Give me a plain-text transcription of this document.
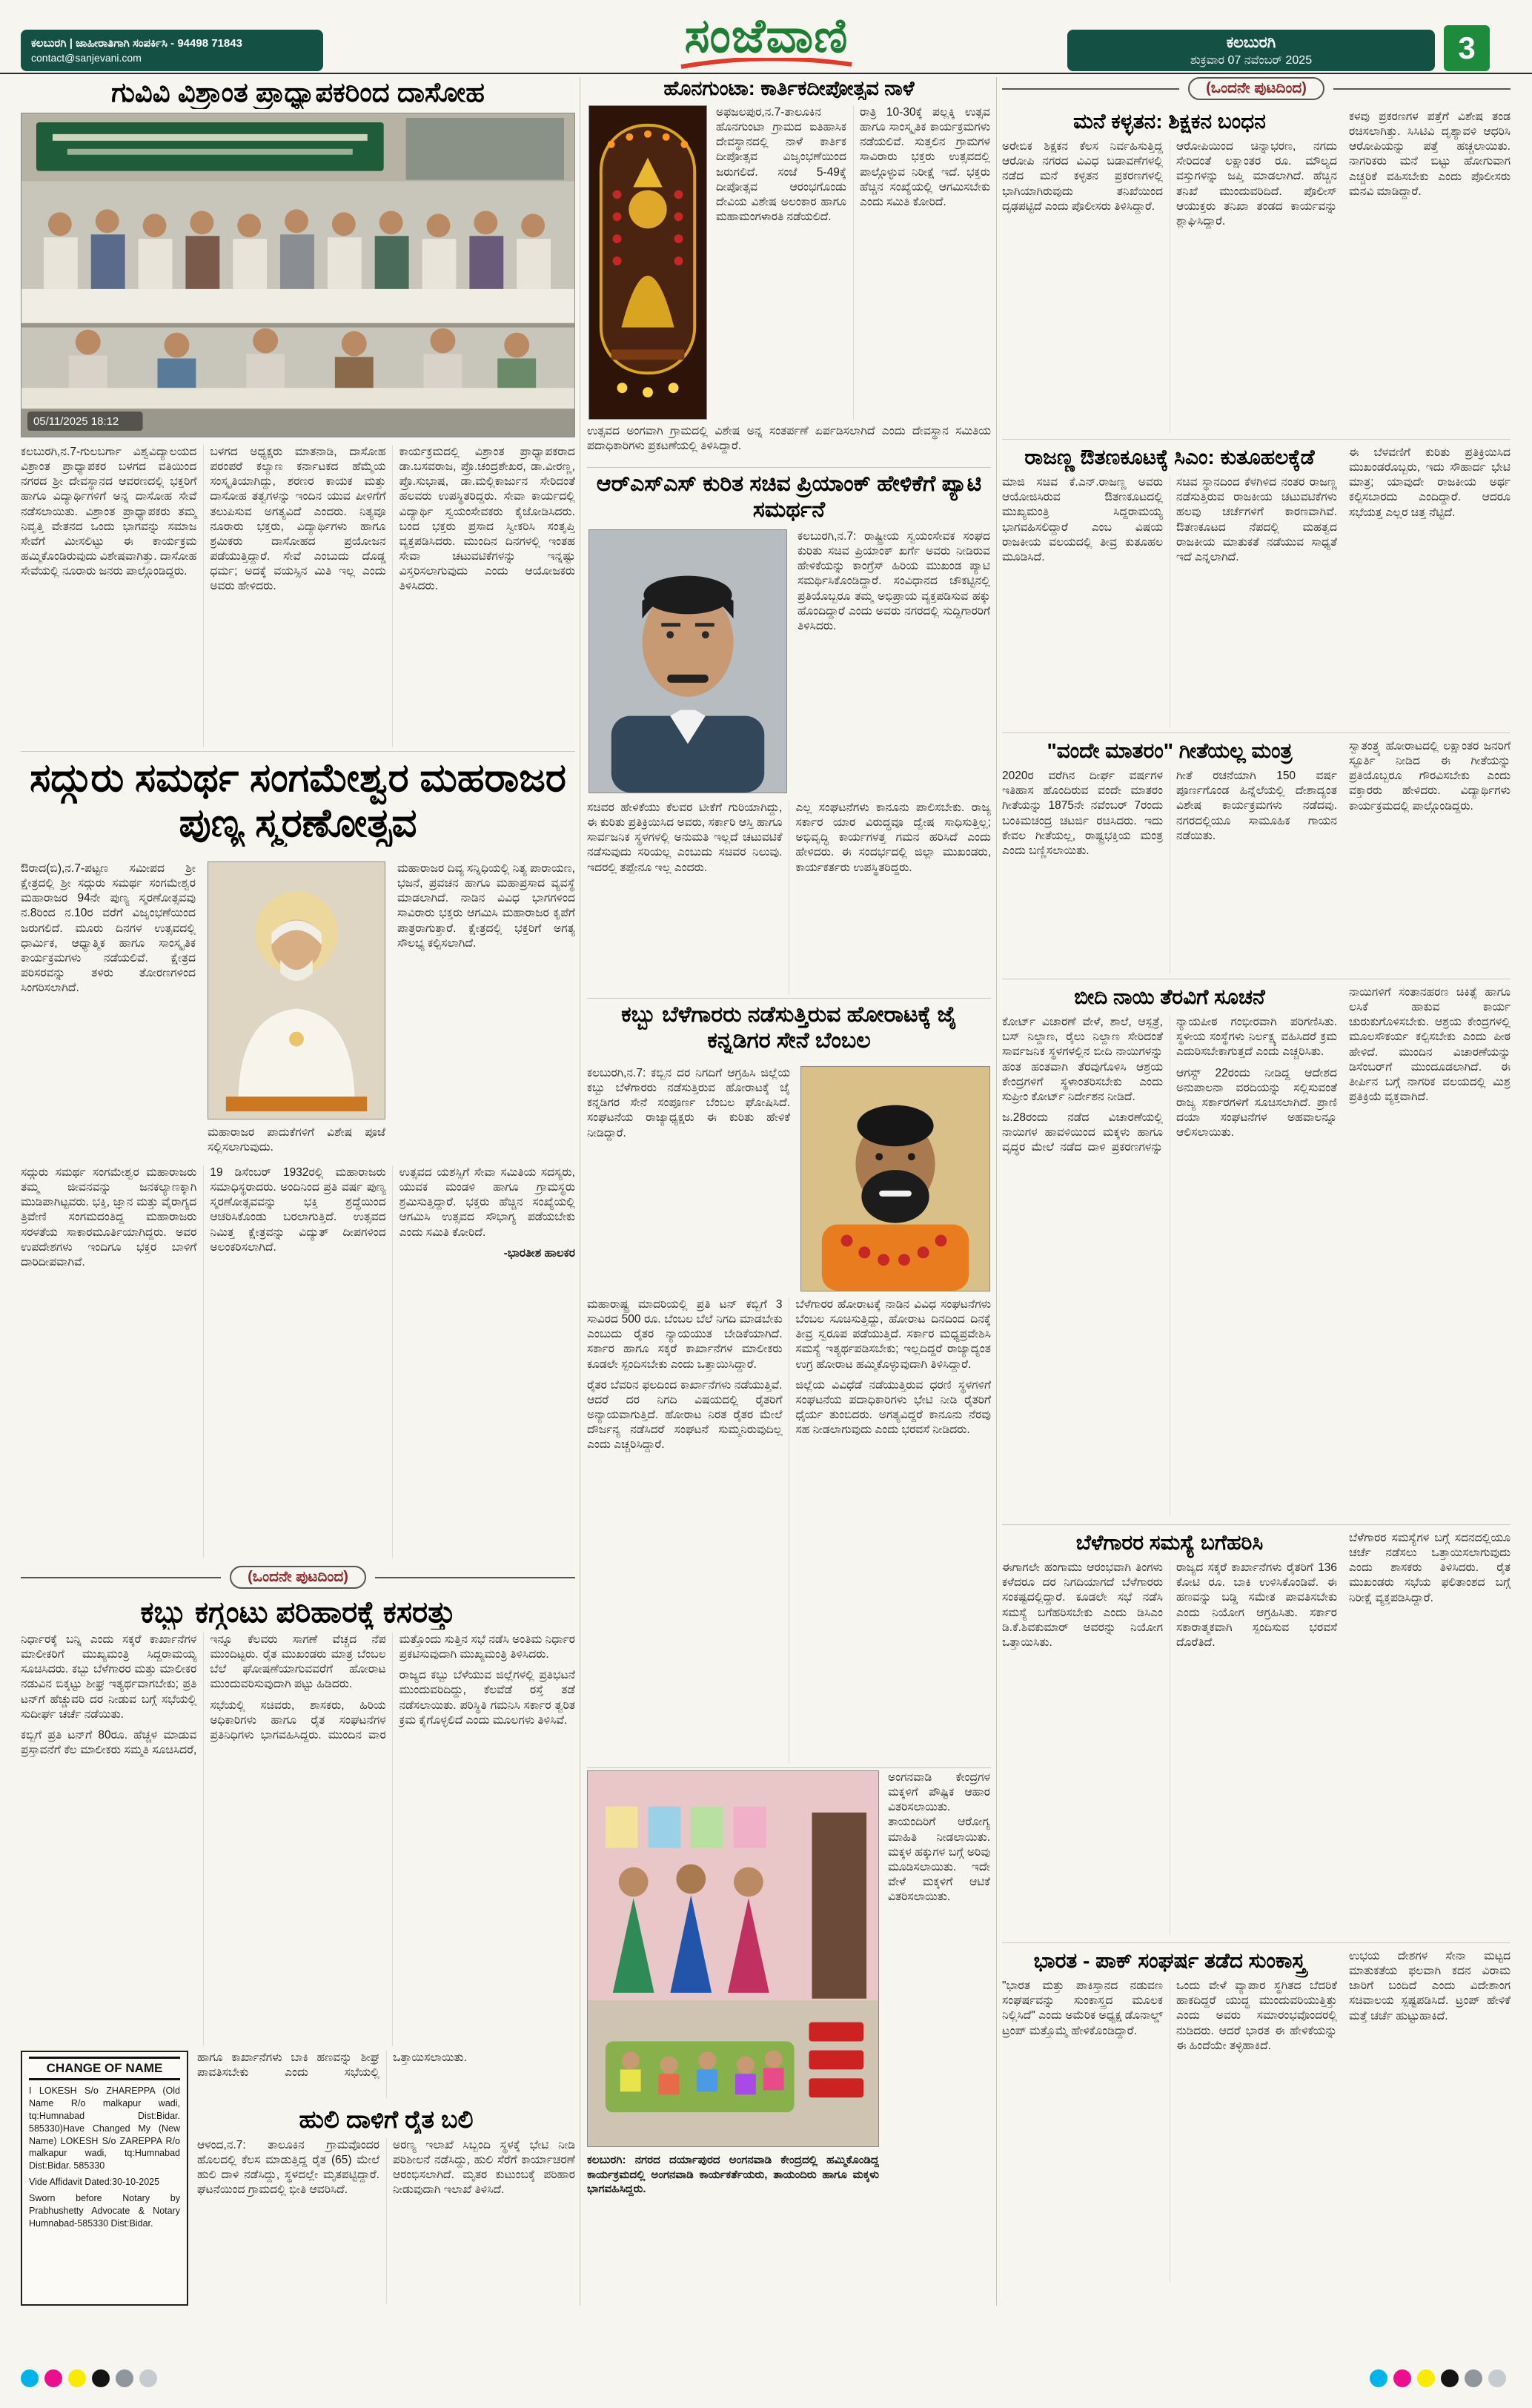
ಕಲಬುರಗಿ | ಜಾಹೀರಾತಿಗಾಗಿ ಸಂಪರ್ಕಿಸಿ - 94498 71843
contact@sanjevani.com	ಸಂಜೆವಾಣಿ	ಕಲಬುರಗಿ
ಶುಕ್ರವಾರ 07 ನವೆಂಬರ್ 2025	3
ಗುವಿವಿ ವಿಶ್ರಾಂತ ಪ್ರಾಧ್ಯಾಪಕರಿಂದ ದಾಸೋಹ
05/11/2025 18:12

ಕಲಬುರಗಿ,ನ.7-ಗುಲಬರ್ಗಾ ವಿಶ್ವವಿದ್ಯಾಲಯದ ವಿಶ್ರಾಂತ ಪ್ರಾಧ್ಯಾಪಕರ ಬಳಗದ ವತಿಯಿಂದ ನಗರದ ಶ್ರೀ ದೇವಸ್ಥಾನದ ಆವರಣದಲ್ಲಿ ಭಕ್ತರಿಗೆ ಹಾಗೂ ವಿದ್ಯಾರ್ಥಿಗಳಿಗೆ ಅನ್ನ ದಾಸೋಹ ಸೇವೆ ನಡೆಸಲಾಯಿತು. ವಿಶ್ರಾಂತ ಪ್ರಾಧ್ಯಾಪಕರು ತಮ್ಮ ನಿವೃತ್ತಿ ವೇತನದ ಒಂದು ಭಾಗವನ್ನು ಸಮಾಜ ಸೇವೆಗೆ ಮೀಸಲಿಟ್ಟು ಈ ಕಾರ್ಯಕ್ರಮ ಹಮ್ಮಿಕೊಂಡಿರುವುದು ವಿಶೇಷವಾಗಿತ್ತು. ದಾಸೋಹ ಸೇವೆಯಲ್ಲಿ ನೂರಾರು ಜನರು ಪಾಲ್ಗೊಂಡಿದ್ದರು.

ಬಳಗದ ಅಧ್ಯಕ್ಷರು ಮಾತನಾಡಿ, ದಾಸೋಹ ಪರಂಪರೆ ಕಲ್ಯಾಣ ಕರ್ನಾಟಕದ ಹೆಮ್ಮೆಯ ಸಂಸ್ಕೃತಿಯಾಗಿದ್ದು, ಶರಣರ ಕಾಯಕ ಮತ್ತು ದಾಸೋಹ ತತ್ವಗಳನ್ನು ಇಂದಿನ ಯುವ ಪೀಳಿಗೆಗೆ ತಲುಪಿಸುವ ಅಗತ್ಯವಿದೆ ಎಂದರು. ನಿತ್ಯವೂ ನೂರಾರು ಭಕ್ತರು, ವಿದ್ಯಾರ್ಥಿಗಳು ಹಾಗೂ ಶ್ರಮಿಕರು ದಾಸೋಹದ ಪ್ರಯೋಜನ ಪಡೆಯುತ್ತಿದ್ದಾರೆ. ಸೇವೆ ಎಂಬುದು ದೊಡ್ಡ ಧರ್ಮ; ಅದಕ್ಕೆ ವಯಸ್ಸಿನ ಮಿತಿ ಇಲ್ಲ ಎಂದು ಅವರು ಹೇಳಿದರು.

ಕಾರ್ಯಕ್ರಮದಲ್ಲಿ ವಿಶ್ರಾಂತ ಪ್ರಾಧ್ಯಾಪಕರಾದ ಡಾ.ಬಸವರಾಜ, ಪ್ರೊ.ಚಂದ್ರಶೇಖರ, ಡಾ.ವೀರಣ್ಣ, ಪ್ರೊ.ಸುಭಾಷ, ಡಾ.ಮಲ್ಲಿಕಾರ್ಜುನ ಸೇರಿದಂತೆ ಹಲವರು ಉಪಸ್ಥಿತರಿದ್ದರು. ಸೇವಾ ಕಾರ್ಯದಲ್ಲಿ ವಿದ್ಯಾರ್ಥಿ ಸ್ವಯಂಸೇವಕರು ಕೈಜೋಡಿಸಿದರು. ಬಂದ ಭಕ್ತರು ಪ್ರಸಾದ ಸ್ವೀಕರಿಸಿ ಸಂತೃಪ್ತಿ ವ್ಯಕ್ತಪಡಿಸಿದರು. ಮುಂದಿನ ದಿನಗಳಲ್ಲಿ ಇಂತಹ ಸೇವಾ ಚಟುವಟಿಕೆಗಳನ್ನು ಇನ್ನಷ್ಟು ವಿಸ್ತರಿಸಲಾಗುವುದು ಎಂದು ಆಯೋಜಕರು ತಿಳಿಸಿದರು.

ಸದ್ಗುರು ಸಮರ್ಥ ಸಂಗಮೇಶ್ವರ ಮಹರಾಜರ ಪುಣ್ಯ ಸ್ಮರಣೋತ್ಸವ

ಔರಾದ(ಬಿ),ನ.7-ಪಟ್ಟಣ ಸಮೀಪದ ಶ್ರೀ ಕ್ಷೇತ್ರದಲ್ಲಿ ಶ್ರೀ ಸದ್ಗುರು ಸಮರ್ಥ ಸಂಗಮೇಶ್ವರ ಮಹಾರಾಜರ 94ನೇ ಪುಣ್ಯ ಸ್ಮರಣೋತ್ಸವವು ನ.8ರಿಂದ ನ.10ರ ವರೆಗೆ ವಿಜೃಂಭಣೆಯಿಂದ ಜರುಗಲಿದೆ. ಮೂರು ದಿನಗಳ ಉತ್ಸವದಲ್ಲಿ ಧಾರ್ಮಿಕ, ಆಧ್ಯಾತ್ಮಿಕ ಹಾಗೂ ಸಾಂಸ್ಕೃತಿಕ ಕಾರ್ಯಕ್ರಮಗಳು ನಡೆಯಲಿವೆ. ಕ್ಷೇತ್ರದ ಪರಿಸರವನ್ನು ತಳಿರು ತೋರಣಗಳಿಂದ ಸಿಂಗರಿಸಲಾಗಿದೆ.

ಮಹಾರಾಜರ ಪಾದುಕೆಗಳಿಗೆ ವಿಶೇಷ ಪೂಜೆ ಸಲ್ಲಿಸಲಾಗುವುದು.

ಮಹಾರಾಜರ ದಿವ್ಯ ಸನ್ನಿಧಿಯಲ್ಲಿ ನಿತ್ಯ ಪಾರಾಯಣ, ಭಜನೆ, ಪ್ರವಚನ ಹಾಗೂ ಮಹಾಪ್ರಸಾದ ವ್ಯವಸ್ಥೆ ಮಾಡಲಾಗಿದೆ. ನಾಡಿನ ವಿವಿಧ ಭಾಗಗಳಿಂದ ಸಾವಿರಾರು ಭಕ್ತರು ಆಗಮಿಸಿ ಮಹಾರಾಜರ ಕೃಪೆಗೆ ಪಾತ್ರರಾಗುತ್ತಾರೆ. ಕ್ಷೇತ್ರದಲ್ಲಿ ಭಕ್ತರಿಗೆ ಅಗತ್ಯ ಸೌಲಭ್ಯ ಕಲ್ಪಿಸಲಾಗಿದೆ.

ಸದ್ಗುರು ಸಮರ್ಥ ಸಂಗಮೇಶ್ವರ ಮಹಾರಾಜರು ತಮ್ಮ ಜೀವನವನ್ನು ಜನಕಲ್ಯಾಣಕ್ಕಾಗಿ ಮುಡಿಪಾಗಿಟ್ಟವರು. ಭಕ್ತಿ, ಜ್ಞಾನ ಮತ್ತು ವೈರಾಗ್ಯದ ತ್ರಿವೇಣಿ ಸಂಗಮದಂತಿದ್ದ ಮಹಾರಾಜರು ಸರಳತೆಯ ಸಾಕಾರಮೂರ್ತಿಯಾಗಿದ್ದರು. ಅವರ ಉಪದೇಶಗಳು ಇಂದಿಗೂ ಭಕ್ತರ ಬಾಳಿಗೆ ದಾರಿದೀಪವಾಗಿವೆ.

19 ಡಿಸೆಂಬರ್ 1932ರಲ್ಲಿ ಮಹಾರಾಜರು ಸಮಾಧಿಸ್ಥರಾದರು. ಅಂದಿನಿಂದ ಪ್ರತಿ ವರ್ಷ ಪುಣ್ಯ ಸ್ಮರಣೋತ್ಸವವನ್ನು ಭಕ್ತಿ ಶ್ರದ್ಧೆಯಿಂದ ಆಚರಿಸಿಕೊಂಡು ಬರಲಾಗುತ್ತಿದೆ. ಉತ್ಸವದ ನಿಮಿತ್ತ ಕ್ಷೇತ್ರವನ್ನು ವಿದ್ಯುತ್ ದೀಪಗಳಿಂದ ಅಲಂಕರಿಸಲಾಗಿದೆ.

ಉತ್ಸವದ ಯಶಸ್ಸಿಗೆ ಸೇವಾ ಸಮಿತಿಯ ಸದಸ್ಯರು, ಯುವಕ ಮಂಡಳಿ ಹಾಗೂ ಗ್ರಾಮಸ್ಥರು ಶ್ರಮಿಸುತ್ತಿದ್ದಾರೆ. ಭಕ್ತರು ಹೆಚ್ಚಿನ ಸಂಖ್ಯೆಯಲ್ಲಿ ಆಗಮಿಸಿ ಉತ್ಸವದ ಸೌಭಾಗ್ಯ ಪಡೆಯಬೇಕು ಎಂದು ಸಮಿತಿ ಕೋರಿದೆ.

-ಭಾರತೀಶ ಹಾಲಕರ

(ಒಂದನೇ ಪುಟದಿಂದ)
ಕಬ್ಬು ಕಗ್ಗಂಟು ಪರಿಹಾರಕ್ಕೆ ಕಸರತ್ತು

ನಿರ್ಧಾರಕ್ಕೆ ಬನ್ನಿ ಎಂದು ಸಕ್ಕರೆ ಕಾರ್ಖಾನೆಗಳ ಮಾಲೀಕರಿಗೆ ಮುಖ್ಯಮಂತ್ರಿ ಸಿದ್ದರಾಮಯ್ಯ ಸೂಚಿಸಿದರು. ಕಬ್ಬು ಬೆಳೆಗಾರರ ಮತ್ತು ಮಾಲೀಕರ ನಡುವಿನ ಬಿಕ್ಕಟ್ಟು ಶೀಘ್ರ ಇತ್ಯರ್ಥವಾಗಬೇಕು; ಪ್ರತಿ ಟನ್‌ಗೆ ಹೆಚ್ಚುವರಿ ದರ ನೀಡುವ ಬಗ್ಗೆ ಸಭೆಯಲ್ಲಿ ಸುದೀರ್ಘ ಚರ್ಚೆ ನಡೆಯಿತು.

ಕಬ್ಬಿಗೆ ಪ್ರತಿ ಟನ್‌ಗೆ 80ರೂ. ಹೆಚ್ಚಳ ಮಾಡುವ ಪ್ರಸ್ತಾವನೆಗೆ ಕೆಲ ಮಾಲೀಕರು ಸಮ್ಮತಿ ಸೂಚಿಸಿದರೆ, ಇನ್ನೂ ಕೆಲವರು ಸಾಗಣೆ ವೆಚ್ಚದ ನೆಪ ಮುಂದಿಟ್ಟರು. ರೈತ ಮುಖಂಡರು ಮಾತ್ರ ಬೆಂಬಲ ಬೆಲೆ ಘೋಷಣೆಯಾಗುವವರೆಗೆ ಹೋರಾಟ ಮುಂದುವರಿಸುವುದಾಗಿ ಪಟ್ಟು ಹಿಡಿದರು.

ಸಭೆಯಲ್ಲಿ ಸಚಿವರು, ಶಾಸಕರು, ಹಿರಿಯ ಅಧಿಕಾರಿಗಳು ಹಾಗೂ ರೈತ ಸಂಘಟನೆಗಳ ಪ್ರತಿನಿಧಿಗಳು ಭಾಗವಹಿಸಿದ್ದರು. ಮುಂದಿನ ವಾರ ಮತ್ತೊಂದು ಸುತ್ತಿನ ಸಭೆ ನಡೆಸಿ ಅಂತಿಮ ನಿರ್ಧಾರ ಪ್ರಕಟಿಸುವುದಾಗಿ ಮುಖ್ಯಮಂತ್ರಿ ತಿಳಿಸಿದರು.

ರಾಜ್ಯದ ಕಬ್ಬು ಬೆಳೆಯುವ ಜಿಲ್ಲೆಗಳಲ್ಲಿ ಪ್ರತಿಭಟನೆ ಮುಂದುವರಿದಿದ್ದು, ಕೆಲವೆಡೆ ರಸ್ತೆ ತಡೆ ನಡೆಸಲಾಯಿತು. ಪರಿಸ್ಥಿತಿ ಗಮನಿಸಿ ಸರ್ಕಾರ ತ್ವರಿತ ಕ್ರಮ ಕೈಗೊಳ್ಳಲಿದೆ ಎಂದು ಮೂಲಗಳು ತಿಳಿಸಿವೆ.

ಹಾಗೂ ಕಾರ್ಖಾನೆಗಳು ಬಾಕಿ ಹಣವನ್ನು ಶೀಘ್ರ ಪಾವತಿಸಬೇಕು ಎಂದು ಸಭೆಯಲ್ಲಿ ಒತ್ತಾಯಿಸಲಾಯಿತು.

CHANGE OF NAME

I LOKESH S/o ZHAREPPA (Old Name R/o malkapur wadi, tq:Humnabad Dist:Bidar. 585330)Have Changed My (New Name) LOKESH S/o ZAREPPA R/o malkapur wadi, tq:Humnabad Dist:Bidar. 585330

Vide Affidavit Dated:30-10-2025

Sworn before Notary by Prabhushetty Advocate & Notary Humnabad-585330 Dist:Bidar.

ಹುಲಿ ದಾಳಿಗೆ ರೈತ ಬಲಿ

ಆಳಂದ,ನ.7: ತಾಲೂಕಿನ ಗ್ರಾಮವೊಂದರ ಹೊಲದಲ್ಲಿ ಕೆಲಸ ಮಾಡುತ್ತಿದ್ದ ರೈತ (65) ಮೇಲೆ ಹುಲಿ ದಾಳಿ ನಡೆಸಿದ್ದು, ಸ್ಥಳದಲ್ಲೇ ಮೃತಪಟ್ಟಿದ್ದಾರೆ. ಘಟನೆಯಿಂದ ಗ್ರಾಮದಲ್ಲಿ ಭೀತಿ ಆವರಿಸಿದೆ.

ಅರಣ್ಯ ಇಲಾಖೆ ಸಿಬ್ಬಂದಿ ಸ್ಥಳಕ್ಕೆ ಭೇಟಿ ನೀಡಿ ಪರಿಶೀಲನೆ ನಡೆಸಿದ್ದು, ಹುಲಿ ಸೆರೆಗೆ ಕಾರ್ಯಾಚರಣೆ ಆರಂಭಿಸಲಾಗಿದೆ. ಮೃತರ ಕುಟುಂಬಕ್ಕೆ ಪರಿಹಾರ ನೀಡುವುದಾಗಿ ಇಲಾಖೆ ತಿಳಿಸಿದೆ.

ಹೊನಗುಂಟಾ: ಕಾರ್ತಿಕದೀಪೋತ್ಸವ ನಾಳೆ

ಅಫಜಲಪುರ,ನ.7-ತಾಲೂಕಿನ ಹೊನಗುಂಟಾ ಗ್ರಾಮದ ಐತಿಹಾಸಿಕ ದೇವಸ್ಥಾನದಲ್ಲಿ ನಾಳೆ ಕಾರ್ತಿಕ ದೀಪೋತ್ಸವ ವಿಜೃಂಭಣೆಯಿಂದ ಜರುಗಲಿದೆ. ಸಂಜೆ 5-49ಕ್ಕೆ ದೀಪೋತ್ಸವ ಆರಂಭಗೊಂಡು ದೇವಿಯ ವಿಶೇಷ ಅಲಂಕಾರ ಹಾಗೂ ಮಹಾಮಂಗಳಾರತಿ ನಡೆಯಲಿದೆ.

ರಾತ್ರಿ 10-30ಕ್ಕೆ ಪಲ್ಲಕ್ಕಿ ಉತ್ಸವ ಹಾಗೂ ಸಾಂಸ್ಕೃತಿಕ ಕಾರ್ಯಕ್ರಮಗಳು ನಡೆಯಲಿವೆ. ಸುತ್ತಲಿನ ಗ್ರಾಮಗಳ ಸಾವಿರಾರು ಭಕ್ತರು ಉತ್ಸವದಲ್ಲಿ ಪಾಲ್ಗೊಳ್ಳುವ ನಿರೀಕ್ಷೆ ಇದೆ. ಭಕ್ತರು ಹೆಚ್ಚಿನ ಸಂಖ್ಯೆಯಲ್ಲಿ ಆಗಮಿಸಬೇಕು ಎಂದು ಸಮಿತಿ ಕೋರಿದೆ.

ಉತ್ಸವದ ಅಂಗವಾಗಿ ಗ್ರಾಮದಲ್ಲಿ ವಿಶೇಷ ಅನ್ನ ಸಂತರ್ಪಣೆ ಏರ್ಪಡಿಸಲಾಗಿದೆ ಎಂದು ದೇವಸ್ಥಾನ ಸಮಿತಿಯ ಪದಾಧಿಕಾರಿಗಳು ಪ್ರಕಟಣೆಯಲ್ಲಿ ತಿಳಿಸಿದ್ದಾರೆ.

ಆರ್‌ಎಸ್‌ಎಸ್ ಕುರಿತ ಸಚಿವ ಪ್ರಿಯಾಂಕ್ ಹೇಳಿಕೆಗೆ ಪ್ಯಾಟಿ ಸಮರ್ಥನೆ

ಕಲಬುರಗಿ,ನ.7: ರಾಷ್ಟ್ರೀಯ ಸ್ವಯಂಸೇವಕ ಸಂಘದ ಕುರಿತು ಸಚಿವ ಪ್ರಿಯಾಂಕ್ ಖರ್ಗೆ ಅವರು ನೀಡಿರುವ ಹೇಳಿಕೆಯನ್ನು ಕಾಂಗ್ರೆಸ್ ಹಿರಿಯ ಮುಖಂಡ ಪ್ಯಾಟಿ ಸಮರ್ಥಿಸಿಕೊಂಡಿದ್ದಾರೆ. ಸಂವಿಧಾನದ ಚೌಕಟ್ಟಿನಲ್ಲಿ ಪ್ರತಿಯೊಬ್ಬರೂ ತಮ್ಮ ಅಭಿಪ್ರಾಯ ವ್ಯಕ್ತಪಡಿಸುವ ಹಕ್ಕು ಹೊಂದಿದ್ದಾರೆ ಎಂದು ಅವರು ನಗರದಲ್ಲಿ ಸುದ್ದಿಗಾರರಿಗೆ ತಿಳಿಸಿದರು.

ಸಚಿವರ ಹೇಳಿಕೆಯು ಕೆಲವರ ಟೀಕೆಗೆ ಗುರಿಯಾಗಿದ್ದು, ಈ ಕುರಿತು ಪ್ರತಿಕ್ರಿಯಿಸಿದ ಅವರು, ಸರ್ಕಾರಿ ಆಸ್ತಿ ಹಾಗೂ ಸಾರ್ವಜನಿಕ ಸ್ಥಳಗಳಲ್ಲಿ ಅನುಮತಿ ಇಲ್ಲದೆ ಚಟುವಟಿಕೆ ನಡೆಸುವುದು ಸರಿಯಲ್ಲ ಎಂಬುದು ಸಚಿವರ ನಿಲುವು. ಇದರಲ್ಲಿ ತಪ್ಪೇನೂ ಇಲ್ಲ ಎಂದರು.

ಎಲ್ಲ ಸಂಘಟನೆಗಳು ಕಾನೂನು ಪಾಲಿಸಬೇಕು. ರಾಜ್ಯ ಸರ್ಕಾರ ಯಾರ ವಿರುದ್ಧವೂ ದ್ವೇಷ ಸಾಧಿಸುತ್ತಿಲ್ಲ; ಅಭಿವೃದ್ಧಿ ಕಾರ್ಯಗಳತ್ತ ಗಮನ ಹರಿಸಿದೆ ಎಂದು ಹೇಳಿದರು. ಈ ಸಂದರ್ಭದಲ್ಲಿ ಜಿಲ್ಲಾ ಮುಖಂಡರು, ಕಾರ್ಯಕರ್ತರು ಉಪಸ್ಥಿತರಿದ್ದರು.

ಕಬ್ಬು ಬೆಳೆಗಾರರು ನಡೆಸುತ್ತಿರುವ ಹೋರಾಟಕ್ಕೆ ಜೈ ಕನ್ನಡಿಗರ ಸೇನೆ ಬೆಂಬಲ

ಕಲಬುರಗಿ,ನ.7: ಕಬ್ಬಿನ ದರ ನಿಗದಿಗೆ ಆಗ್ರಹಿಸಿ ಜಿಲ್ಲೆಯ ಕಬ್ಬು ಬೆಳೆಗಾರರು ನಡೆಸುತ್ತಿರುವ ಹೋರಾಟಕ್ಕೆ ಜೈ ಕನ್ನಡಿಗರ ಸೇನೆ ಸಂಪೂರ್ಣ ಬೆಂಬಲ ಘೋಷಿಸಿದೆ. ಸಂಘಟನೆಯ ರಾಜ್ಯಾಧ್ಯಕ್ಷರು ಈ ಕುರಿತು ಹೇಳಿಕೆ ನೀಡಿದ್ದಾರೆ.

ಮಹಾರಾಷ್ಟ್ರ ಮಾದರಿಯಲ್ಲಿ ಪ್ರತಿ ಟನ್ ಕಬ್ಬಿಗೆ 3 ಸಾವಿರದ 500 ರೂ. ಬೆಂಬಲ ಬೆಲೆ ನಿಗದಿ ಮಾಡಬೇಕು ಎಂಬುದು ರೈತರ ನ್ಯಾಯಯುತ ಬೇಡಿಕೆಯಾಗಿದೆ. ಸರ್ಕಾರ ಹಾಗೂ ಸಕ್ಕರೆ ಕಾರ್ಖಾನೆಗಳ ಮಾಲೀಕರು ಕೂಡಲೇ ಸ್ಪಂದಿಸಬೇಕು ಎಂದು ಒತ್ತಾಯಿಸಿದ್ದಾರೆ.

ರೈತರ ಬೆವರಿನ ಫಲದಿಂದ ಕಾರ್ಖಾನೆಗಳು ನಡೆಯುತ್ತಿವೆ. ಆದರೆ ದರ ನಿಗದಿ ವಿಷಯದಲ್ಲಿ ರೈತರಿಗೆ ಅನ್ಯಾಯವಾಗುತ್ತಿದೆ. ಹೋರಾಟ ನಿರತ ರೈತರ ಮೇಲೆ ದೌರ್ಜನ್ಯ ನಡೆಸಿದರೆ ಸಂಘಟನೆ ಸುಮ್ಮನಿರುವುದಿಲ್ಲ ಎಂದು ಎಚ್ಚರಿಸಿದ್ದಾರೆ.

ಬೆಳೆಗಾರರ ಹೋರಾಟಕ್ಕೆ ನಾಡಿನ ವಿವಿಧ ಸಂಘಟನೆಗಳು ಬೆಂಬಲ ಸೂಚಿಸುತ್ತಿದ್ದು, ಹೋರಾಟ ದಿನದಿಂದ ದಿನಕ್ಕೆ ತೀವ್ರ ಸ್ವರೂಪ ಪಡೆಯುತ್ತಿದೆ. ಸರ್ಕಾರ ಮಧ್ಯಪ್ರವೇಶಿಸಿ ಸಮಸ್ಯೆ ಇತ್ಯರ್ಥಪಡಿಸಬೇಕು; ಇಲ್ಲದಿದ್ದರೆ ರಾಜ್ಯಾದ್ಯಂತ ಉಗ್ರ ಹೋರಾಟ ಹಮ್ಮಿಕೊಳ್ಳುವುದಾಗಿ ತಿಳಿಸಿದ್ದಾರೆ.

ಜಿಲ್ಲೆಯ ವಿವಿಧೆಡೆ ನಡೆಯುತ್ತಿರುವ ಧರಣಿ ಸ್ಥಳಗಳಿಗೆ ಸಂಘಟನೆಯ ಪದಾಧಿಕಾರಿಗಳು ಭೇಟಿ ನೀಡಿ ರೈತರಿಗೆ ಧೈರ್ಯ ತುಂಬಿದರು. ಅಗತ್ಯವಿದ್ದರೆ ಕಾನೂನು ನೆರವು ಸಹ ನೀಡಲಾಗುವುದು ಎಂದು ಭರವಸೆ ನೀಡಿದರು.

ಅಂಗನವಾಡಿ ಕೇಂದ್ರಗಳ ಮಕ್ಕಳಿಗೆ ಪೌಷ್ಟಿಕ ಆಹಾರ ವಿತರಿಸಲಾಯಿತು. ತಾಯಂದಿರಿಗೆ ಆರೋಗ್ಯ ಮಾಹಿತಿ ನೀಡಲಾಯಿತು. ಮಕ್ಕಳ ಹಕ್ಕುಗಳ ಬಗ್ಗೆ ಅರಿವು ಮೂಡಿಸಲಾಯಿತು. ಇದೇ ವೇಳೆ ಮಕ್ಕಳಿಗೆ ಆಟಿಕೆ ವಿತರಿಸಲಾಯಿತು.

ಕಲಬುರಗಿ: ನಗರದ ದರ್ಯಾಪುರದ ಅಂಗನವಾಡಿ ಕೇಂದ್ರದಲ್ಲಿ ಹಮ್ಮಿಕೊಂಡಿದ್ದ ಕಾರ್ಯಕ್ರಮದಲ್ಲಿ ಅಂಗನವಾಡಿ ಕಾರ್ಯಕರ್ತೆಯರು, ತಾಯಂದಿರು ಹಾಗೂ ಮಕ್ಕಳು ಭಾಗವಹಿಸಿದ್ದರು.
(ಒಂದನೇ ಪುಟದಿಂದ)
ಮನೆ ಕಳ್ಳತನ: ಶಿಕ್ಷಕನ ಬಂಧನ

ಅರೇಬಿಕ ಶಿಕ್ಷಕನ ಕೆಲಸ ನಿರ್ವಹಿಸುತ್ತಿದ್ದ ಆರೋಪಿ ನಗರದ ವಿವಿಧ ಬಡಾವಣೆಗಳಲ್ಲಿ ನಡೆದ ಮನೆ ಕಳ್ಳತನ ಪ್ರಕರಣಗಳಲ್ಲಿ ಭಾಗಿಯಾಗಿರುವುದು ತನಿಖೆಯಿಂದ ದೃಢಪಟ್ಟಿದೆ ಎಂದು ಪೊಲೀಸರು ತಿಳಿಸಿದ್ದಾರೆ.

ಆರೋಪಿಯಿಂದ ಚಿನ್ನಾಭರಣ, ನಗದು ಸೇರಿದಂತೆ ಲಕ್ಷಾಂತರ ರೂ. ಮೌಲ್ಯದ ವಸ್ತುಗಳನ್ನು ಜಪ್ತಿ ಮಾಡಲಾಗಿದೆ. ಹೆಚ್ಚಿನ ತನಿಖೆ ಮುಂದುವರಿದಿದೆ. ಪೊಲೀಸ್ ಆಯುಕ್ತರು ತನಿಖಾ ತಂಡದ ಕಾರ್ಯವನ್ನು ಶ್ಲಾಘಿಸಿದ್ದಾರೆ.

ಕಳವು ಪ್ರಕರಣಗಳ ಪತ್ತೆಗೆ ವಿಶೇಷ ತಂಡ ರಚಿಸಲಾಗಿತ್ತು. ಸಿಸಿಟಿವಿ ದೃಶ್ಯಾವಳಿ ಆಧರಿಸಿ ಆರೋಪಿಯನ್ನು ಪತ್ತೆ ಹಚ್ಚಲಾಯಿತು. ನಾಗರಿಕರು ಮನೆ ಬಿಟ್ಟು ಹೋಗುವಾಗ ಎಚ್ಚರಿಕೆ ವಹಿಸಬೇಕು ಎಂದು ಪೊಲೀಸರು ಮನವಿ ಮಾಡಿದ್ದಾರೆ.

ರಾಜಣ್ಣ ಔತಣಕೂಟಕ್ಕೆ ಸಿಎಂ: ಕುತೂಹಲಕ್ಕೆಡೆ

ಮಾಜಿ ಸಚಿವ ಕೆ.ಎನ್.ರಾಜಣ್ಣ ಅವರು ಆಯೋಜಿಸಿರುವ ಔತಣಕೂಟದಲ್ಲಿ ಮುಖ್ಯಮಂತ್ರಿ ಸಿದ್ದರಾಮಯ್ಯ ಭಾಗವಹಿಸಲಿದ್ದಾರೆ ಎಂಬ ವಿಷಯ ರಾಜಕೀಯ ವಲಯದಲ್ಲಿ ತೀವ್ರ ಕುತೂಹಲ ಮೂಡಿಸಿದೆ.

ಸಚಿವ ಸ್ಥಾನದಿಂದ ಕೆಳಗಿಳಿದ ನಂತರ ರಾಜಣ್ಣ ನಡೆಸುತ್ತಿರುವ ರಾಜಕೀಯ ಚಟುವಟಿಕೆಗಳು ಹಲವು ಚರ್ಚೆಗಳಿಗೆ ಕಾರಣವಾಗಿವೆ. ಔತಣಕೂಟದ ನೆಪದಲ್ಲಿ ಮಹತ್ವದ ರಾಜಕೀಯ ಮಾತುಕತೆ ನಡೆಯುವ ಸಾಧ್ಯತೆ ಇದೆ ಎನ್ನಲಾಗಿದೆ.

ಈ ಬೆಳವಣಿಗೆ ಕುರಿತು ಪ್ರತಿಕ್ರಿಯಿಸಿದ ಮುಖಂಡರೊಬ್ಬರು, ಇದು ಸೌಹಾರ್ದ ಭೇಟಿ ಮಾತ್ರ; ಯಾವುದೇ ರಾಜಕೀಯ ಅರ್ಥ ಕಲ್ಪಿಸಬಾರದು ಎಂದಿದ್ದಾರೆ. ಆದರೂ ಸಭೆಯತ್ತ ಎಲ್ಲರ ಚಿತ್ತ ನೆಟ್ಟಿದೆ.

"ವಂದೇ ಮಾತರಂ" ಗೀತೆಯಲ್ಲ ಮಂತ್ರ

2020ರ ವರೆಗಿನ ದೀರ್ಘ ವರ್ಷಗಳ ಇತಿಹಾಸ ಹೊಂದಿರುವ ವಂದೇ ಮಾತರಂ ಗೀತೆಯನ್ನು 1875ನೇ ನವೆಂಬರ್ 7ರಂದು ಬಂಕಿಮಚಂದ್ರ ಚಟರ್ಜಿ ರಚಿಸಿದರು. ಇದು ಕೇವಲ ಗೀತೆಯಲ್ಲ, ರಾಷ್ಟ್ರಭಕ್ತಿಯ ಮಂತ್ರ ಎಂದು ಬಣ್ಣಿಸಲಾಯಿತು.

ಗೀತೆ ರಚನೆಯಾಗಿ 150 ವರ್ಷ ಪೂರ್ಣಗೊಂಡ ಹಿನ್ನೆಲೆಯಲ್ಲಿ ದೇಶಾದ್ಯಂತ ವಿಶೇಷ ಕಾರ್ಯಕ್ರಮಗಳು ನಡೆದವು. ನಗರದಲ್ಲಿಯೂ ಸಾಮೂಹಿಕ ಗಾಯನ ನಡೆಯಿತು.

ಸ್ವಾತಂತ್ರ್ಯ ಹೋರಾಟದಲ್ಲಿ ಲಕ್ಷಾಂತರ ಜನರಿಗೆ ಸ್ಫೂರ್ತಿ ನೀಡಿದ ಈ ಗೀತೆಯನ್ನು ಪ್ರತಿಯೊಬ್ಬರೂ ಗೌರವಿಸಬೇಕು ಎಂದು ವಕ್ತಾರರು ಹೇಳಿದರು. ವಿದ್ಯಾರ್ಥಿಗಳು ಕಾರ್ಯಕ್ರಮದಲ್ಲಿ ಪಾಲ್ಗೊಂಡಿದ್ದರು.

ಬೀದಿ ನಾಯಿ ತೆರವಿಗೆ ಸೂಚನೆ

ಕೋರ್ಟ್ ವಿಚಾರಣೆ ವೇಳೆ, ಶಾಲೆ, ಆಸ್ಪತ್ರೆ, ಬಸ್ ನಿಲ್ದಾಣ, ರೈಲು ನಿಲ್ದಾಣ ಸೇರಿದಂತೆ ಸಾರ್ವಜನಿಕ ಸ್ಥಳಗಳಲ್ಲಿನ ಬೀದಿ ನಾಯಿಗಳನ್ನು ಹಂತ ಹಂತವಾಗಿ ತೆರವುಗೊಳಿಸಿ ಆಶ್ರಯ ಕೇಂದ್ರಗಳಿಗೆ ಸ್ಥಳಾಂತರಿಸಬೇಕು ಎಂದು ಸುಪ್ರೀಂ ಕೋರ್ಟ್ ನಿರ್ದೇಶನ ನೀಡಿದೆ.

ಜ.28ರಂದು ನಡೆದ ವಿಚಾರಣೆಯಲ್ಲಿ ನಾಯಿಗಳ ಹಾವಳಿಯಿಂದ ಮಕ್ಕಳು ಹಾಗೂ ವೃದ್ಧರ ಮೇಲೆ ನಡೆದ ದಾಳಿ ಪ್ರಕರಣಗಳನ್ನು ನ್ಯಾಯಪೀಠ ಗಂಭೀರವಾಗಿ ಪರಿಗಣಿಸಿತು. ಸ್ಥಳೀಯ ಸಂಸ್ಥೆಗಳು ನಿರ್ಲಕ್ಷ್ಯ ವಹಿಸಿದರೆ ಕ್ರಮ ಎದುರಿಸಬೇಕಾಗುತ್ತದೆ ಎಂದು ಎಚ್ಚರಿಸಿತು.

ಆಗಸ್ಟ್ 22ರಂದು ನೀಡಿದ್ದ ಆದೇಶದ ಅನುಪಾಲನಾ ವರದಿಯನ್ನು ಸಲ್ಲಿಸುವಂತೆ ರಾಜ್ಯ ಸರ್ಕಾರಗಳಿಗೆ ಸೂಚಿಸಲಾಗಿದೆ. ಪ್ರಾಣಿ ದಯಾ ಸಂಘಟನೆಗಳ ಅಹವಾಲನ್ನೂ ಆಲಿಸಲಾಯಿತು.

ನಾಯಿಗಳಿಗೆ ಸಂತಾನಹರಣ ಚಿಕಿತ್ಸೆ ಹಾಗೂ ಲಸಿಕೆ ಹಾಕುವ ಕಾರ್ಯ ಚುರುಕುಗೊಳಿಸಬೇಕು. ಆಶ್ರಯ ಕೇಂದ್ರಗಳಲ್ಲಿ ಮೂಲಸೌಕರ್ಯ ಕಲ್ಪಿಸಬೇಕು ಎಂದು ಪೀಠ ಹೇಳಿದೆ. ಮುಂದಿನ ವಿಚಾರಣೆಯನ್ನು ಡಿಸೆಂಬರ್‌ಗೆ ಮುಂದೂಡಲಾಗಿದೆ. ಈ ತೀರ್ಪಿನ ಬಗ್ಗೆ ನಾಗರಿಕ ವಲಯದಲ್ಲಿ ಮಿಶ್ರ ಪ್ರತಿಕ್ರಿಯೆ ವ್ಯಕ್ತವಾಗಿದೆ.

ಬೆಳೆಗಾರರ ಸಮಸ್ಯೆ ಬಗೆಹರಿಸಿ

ಈಗಾಗಲೇ ಹಂಗಾಮು ಆರಂಭವಾಗಿ ತಿಂಗಳು ಕಳೆದರೂ ದರ ನಿಗದಿಯಾಗದೆ ಬೆಳೆಗಾರರು ಸಂಕಷ್ಟದಲ್ಲಿದ್ದಾರೆ. ಕೂಡಲೇ ಸಭೆ ನಡೆಸಿ ಸಮಸ್ಯೆ ಬಗೆಹರಿಸಬೇಕು ಎಂದು ಡಿಸಿಎಂ ಡಿ.ಕೆ.ಶಿವಕುಮಾರ್ ಅವರನ್ನು ನಿಯೋಗ ಒತ್ತಾಯಿಸಿತು.

ರಾಜ್ಯದ ಸಕ್ಕರೆ ಕಾರ್ಖಾನೆಗಳು ರೈತರಿಗೆ 136 ಕೋಟಿ ರೂ. ಬಾಕಿ ಉಳಿಸಿಕೊಂಡಿವೆ. ಈ ಹಣವನ್ನು ಬಡ್ಡಿ ಸಮೇತ ಪಾವತಿಸಬೇಕು ಎಂದು ನಿಯೋಗ ಆಗ್ರಹಿಸಿತು. ಸರ್ಕಾರ ಸಕಾರಾತ್ಮಕವಾಗಿ ಸ್ಪಂದಿಸುವ ಭರವಸೆ ದೊರೆತಿದೆ.

ಬೆಳೆಗಾರರ ಸಮಸ್ಯೆಗಳ ಬಗ್ಗೆ ಸದನದಲ್ಲಿಯೂ ಚರ್ಚೆ ನಡೆಸಲು ಒತ್ತಾಯಿಸಲಾಗುವುದು ಎಂದು ಶಾಸಕರು ತಿಳಿಸಿದರು. ರೈತ ಮುಖಂಡರು ಸಭೆಯ ಫಲಿತಾಂಶದ ಬಗ್ಗೆ ನಿರೀಕ್ಷೆ ವ್ಯಕ್ತಪಡಿಸಿದ್ದಾರೆ.

ಭಾರತ - ಪಾಕ್ ಸಂಘರ್ಷ ತಡೆದ ಸುಂಕಾಸ್ತ್ರ

"ಭಾರತ ಮತ್ತು ಪಾಕಿಸ್ತಾನದ ನಡುವಣ ಸಂಘರ್ಷವನ್ನು ಸುಂಕಾಸ್ತ್ರದ ಮೂಲಕ ನಿಲ್ಲಿಸಿದೆ" ಎಂದು ಅಮೆರಿಕ ಅಧ್ಯಕ್ಷ ಡೊನಾಲ್ಡ್ ಟ್ರಂಪ್ ಮತ್ತೊಮ್ಮೆ ಹೇಳಿಕೊಂಡಿದ್ದಾರೆ.

ಒಂದು ವೇಳೆ ವ್ಯಾಪಾರ ಸ್ಥಗಿತದ ಬೆದರಿಕೆ ಹಾಕದಿದ್ದರೆ ಯುದ್ಧ ಮುಂದುವರಿಯುತ್ತಿತ್ತು ಎಂದು ಅವರು ಸಮಾರಂಭವೊಂದರಲ್ಲಿ ನುಡಿದರು. ಆದರೆ ಭಾರತ ಈ ಹೇಳಿಕೆಯನ್ನು ಈ ಹಿಂದೆಯೇ ತಳ್ಳಿಹಾಕಿದೆ.

ಉಭಯ ದೇಶಗಳ ಸೇನಾ ಮಟ್ಟದ ಮಾತುಕತೆಯ ಫಲವಾಗಿ ಕದನ ವಿರಾಮ ಜಾರಿಗೆ ಬಂದಿದೆ ಎಂದು ವಿದೇಶಾಂಗ ಸಚಿವಾಲಯ ಸ್ಪಷ್ಟಪಡಿಸಿದೆ. ಟ್ರಂಪ್ ಹೇಳಿಕೆ ಮತ್ತೆ ಚರ್ಚೆ ಹುಟ್ಟುಹಾಕಿದೆ.
